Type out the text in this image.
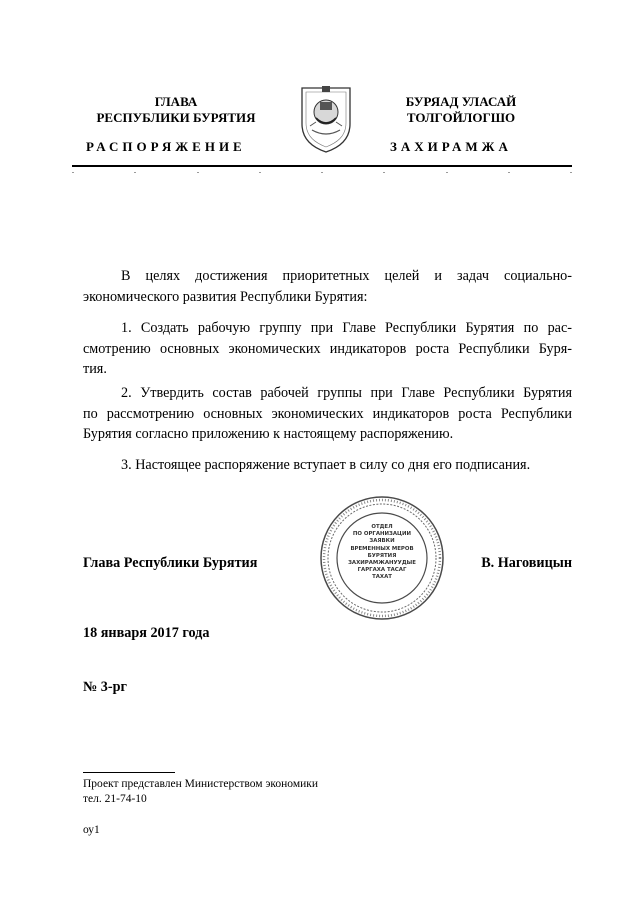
ГЛАВА
РЕСПУБЛИКИ БУРЯТИЯ
БУРЯАД УЛАСАЙ
ТОЛГОЙЛОГШО
РАСПОРЯЖЕНИЕ	ЗАХИРАМЖА
В целях достижения приоритетных целей и задач социально-
экономического развития Республики Бурятия:
1. Создать рабочую группу при Главе Республики Бурятия по рас-
смотрению основных экономических индикаторов роста Республики Буря-
тия.
2. Утвердить состав рабочей группы при Главе Республики Бурятия
по рассмотрению основных экономических индикаторов роста Республики
Бурятия согласно приложению к настоящему распоряжению.
3. Настоящее распоряжение вступает в силу со дня его подписания.
ОТДЕЛ
ПО ОРГАНИЗАЦИИ
ЗАЯВКИ
ВРЕМЕННЫХ МЕРОВ
БУРЯТИЯ
ЗАХИРАМЖАНУУДЫЕ
ГАРГАХА ТАСАГ
ТАХАТ
Глава Республики Бурятия	В. Наговицын
18 января 2017 года
№ 3-рг
Проект представлен Министерством экономики
тел. 21-74-10
оу1
